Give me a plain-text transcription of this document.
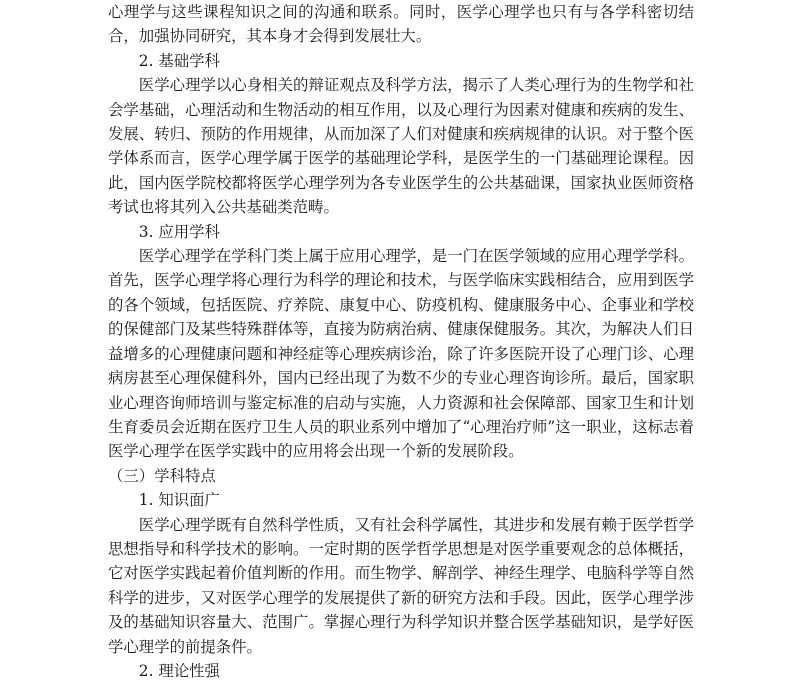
心理学与这些课程知识之间的沟通和联系。同时，医学心理学也只有与各学科密切结合，加强协同研究，其本身才会得到发展壮大。

2. 基础学科

医学心理学以心身相关的辩证观点及科学方法，揭示了人类心理行为的生物学和社会学基础，心理活动和生物活动的相互作用，以及心理行为因素对健康和疾病的发生、发展、转归、预防的作用规律，从而加深了人们对健康和疾病规律的认识。对于整个医学体系而言，医学心理学属于医学的基础理论学科，是医学生的一门基础理论课程。因此，国内医学院校都将医学心理学列为各专业医学生的公共基础课，国家执业医师资格考试也将其列入公共基础类范畴。

3. 应用学科

医学心理学在学科门类上属于应用心理学，是一门在医学领域的应用心理学学科。首先，医学心理学将心理行为科学的理论和技术，与医学临床实践相结合，应用到医学的各个领域，包括医院、疗养院、康复中心、防疫机构、健康服务中心、企事业和学校的保健部门及某些特殊群体等，直接为防病治病、健康保健服务。其次，为解决人们日益增多的心理健康问题和神经症等心理疾病诊治，除了许多医院开设了心理门诊、心理病房甚至心理保健科外，国内已经出现了为数不少的专业心理咨询诊所。最后，国家职业心理咨询师培训与鉴定标准的启动与实施，人力资源和社会保障部、国家卫生和计划生育委员会近期在医疗卫生人员的职业系列中增加了“心理治疗师”这一职业，这标志着医学心理学在医学实践中的应用将会出现一个新的发展阶段。

（三）学科特点

1. 知识面广

医学心理学既有自然科学性质，又有社会科学属性，其进步和发展有赖于医学哲学思想指导和科学技术的影响。一定时期的医学哲学思想是对医学重要观念的总体概括，它对医学实践起着价值判断的作用。而生物学、解剖学、神经生理学、电脑科学等自然科学的进步，又对医学心理学的发展提供了新的研究方法和手段。因此，医学心理学涉及的基础知识容量大、范围广。掌握心理行为科学知识并整合医学基础知识，是学好医学心理学的前提条件。

2. 理论性强
